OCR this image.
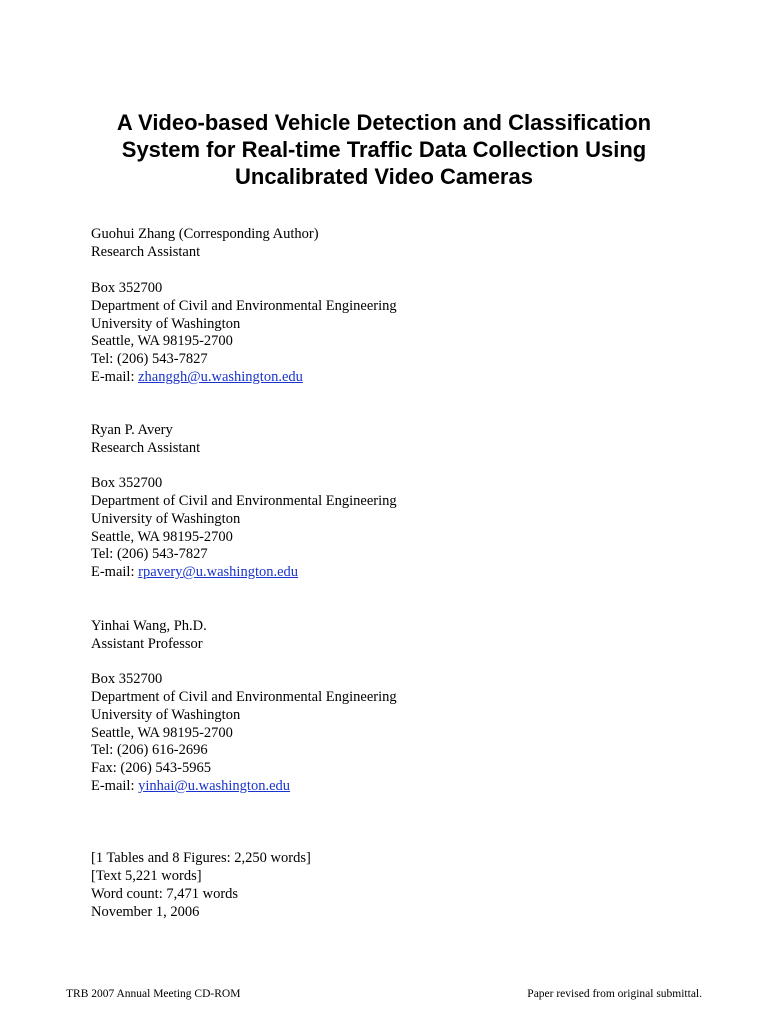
A Video-based Vehicle Detection and Classification
System for Real-time Traffic Data Collection Using
Uncalibrated Video Cameras
Guohui Zhang (Corresponding Author)
Research Assistant
Box 352700
Department of Civil and Environmental Engineering
University of Washington
Seattle, WA 98195-2700
Tel: (206) 543-7827
E-mail: zhanggh@u.washington.edu
Ryan P. Avery
Research Assistant
Box 352700
Department of Civil and Environmental Engineering
University of Washington
Seattle, WA 98195-2700
Tel: (206) 543-7827
E-mail: rpavery@u.washington.edu
Yinhai Wang, Ph.D.
Assistant Professor
Box 352700
Department of Civil and Environmental Engineering
University of Washington
Seattle, WA 98195-2700
Tel: (206) 616-2696
Fax: (206) 543-5965
E-mail: yinhai@u.washington.edu
[1 Tables and 8 Figures: 2,250 words]
[Text 5,221 words]
Word count: 7,471 words
November 1, 2006
TRB 2007 Annual Meeting CD-ROM	Paper revised from original submittal.
